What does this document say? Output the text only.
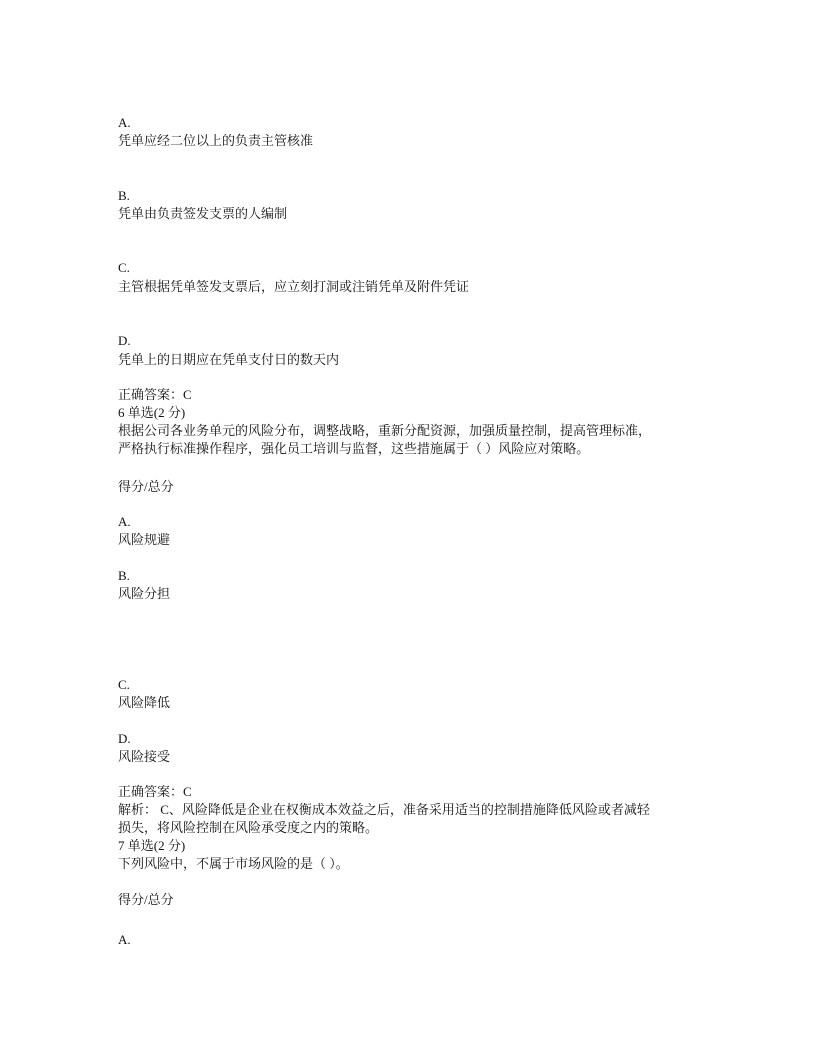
A.
凭单应经二位以上的负责主管核准
B.
凭单由负责签发支票的人编制
C.
主管根据凭单签发支票后，应立刻打洞或注销凭单及附件凭证
D.
凭单上的日期应在凭单支付日的数天内
正确答案：C
6 单选(2 分)
根据公司各业务单元的风险分布，调整战略，重新分配资源，加强质量控制，提高管理标准，
严格执行标准操作程序，强化员工培训与监督，这些措施属于（ ）风险应对策略。
得分/总分
A.
风险规避
B.
风险分担
C.
风险降低
D.
风险接受
正确答案：C
解析： C、风险降低是企业在权衡成本效益之后，准备采用适当的控制措施降低风险或者减轻
损失，将风险控制在风险承受度之内的策略。
7 单选(2 分)
下列风险中，不属于市场风险的是（ ）。
得分/总分
A.
